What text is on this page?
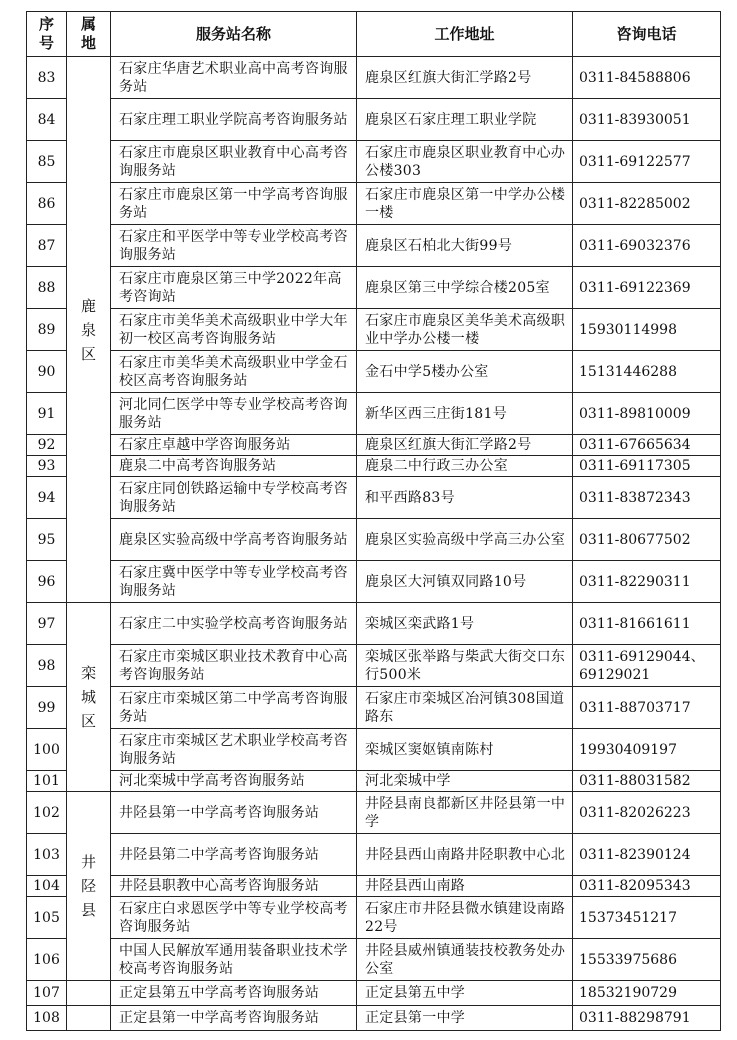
序号	属地	服务站名称	工作地址	咨询电话
83	鹿泉区	石家庄华唐艺术职业高中高考咨询服务站	鹿泉区红旗大街汇学路2号	0311-84588806
84		石家庄理工职业学院高考咨询服务站	鹿泉区石家庄理工职业学院	0311-83930051
85		石家庄市鹿泉区职业教育中心高考咨询服务站	石家庄市鹿泉区职业教育中心办公楼303	0311-69122577
86		石家庄市鹿泉区第一中学高考咨询服务站	石家庄市鹿泉区第一中学办公楼一楼	0311-82285002
87		石家庄和平医学中等专业学校高考咨询服务站	鹿泉区石柏北大街99号	0311-69032376
88		石家庄市鹿泉区第三中学2022年高考咨询站	鹿泉区第三中学综合楼205室	0311-69122369
89		石家庄市美华美术高级职业中学大年初一校区高考咨询服务站	石家庄市鹿泉区美华美术高级职业中学办公楼一楼	15930114998
90		石家庄市美华美术高级职业中学金石校区高考咨询服务站	金石中学5楼办公室	15131446288
91		河北同仁医学中等专业学校高考咨询服务站	新华区西三庄街181号	0311-89810009
92		石家庄卓越中学咨询服务站	鹿泉区红旗大街汇学路2号	0311-67665634
93		鹿泉二中高考咨询服务站	鹿泉二中行政三办公室	0311-69117305
94		石家庄同创铁路运输中专学校高考咨询服务站	和平西路83号	0311-83872343
95		鹿泉区实验高级中学高考咨询服务站	鹿泉区实验高级中学高三办公室	0311-80677502
96		石家庄冀中医学中等专业学校高考咨询服务站	鹿泉区大河镇双同路10号	0311-82290311
97	栾城区	石家庄二中实验学校高考咨询服务站	栾城区栾武路1号	0311-81661611
98		石家庄市栾城区职业技术教育中心高考咨询服务站	栾城区张举路与柴武大街交口东行500米	0311-69129044、69129021
99		石家庄市栾城区第二中学高考咨询服务站	石家庄市栾城区冶河镇308国道路东	0311-88703717
100		石家庄市栾城区艺术职业学校高考咨询服务站	栾城区窦妪镇南陈村	19930409197
101		河北栾城中学高考咨询服务站	河北栾城中学	0311-88031582
102	井陉县	井陉县第一中学高考咨询服务站	井陉县南良都新区井陉县第一中学	0311-82026223
103		井陉县第二中学高考咨询服务站	井陉县西山南路井陉职教中心北	0311-82390124
104		井陉县职教中心高考咨询服务站	井陉县西山南路	0311-82095343
105		石家庄白求恩医学中等专业学校高考咨询服务站	石家庄市井陉县微水镇建设南路22号	15373451217
106		中国人民解放军通用装备职业技术学校高考咨询服务站	井陉县威州镇通装技校教务处办公室	15533975686
107		正定县第五中学高考咨询服务站	正定县第五中学	18532190729
108		正定县第一中学高考咨询服务站	正定县第一中学	0311-88298791
